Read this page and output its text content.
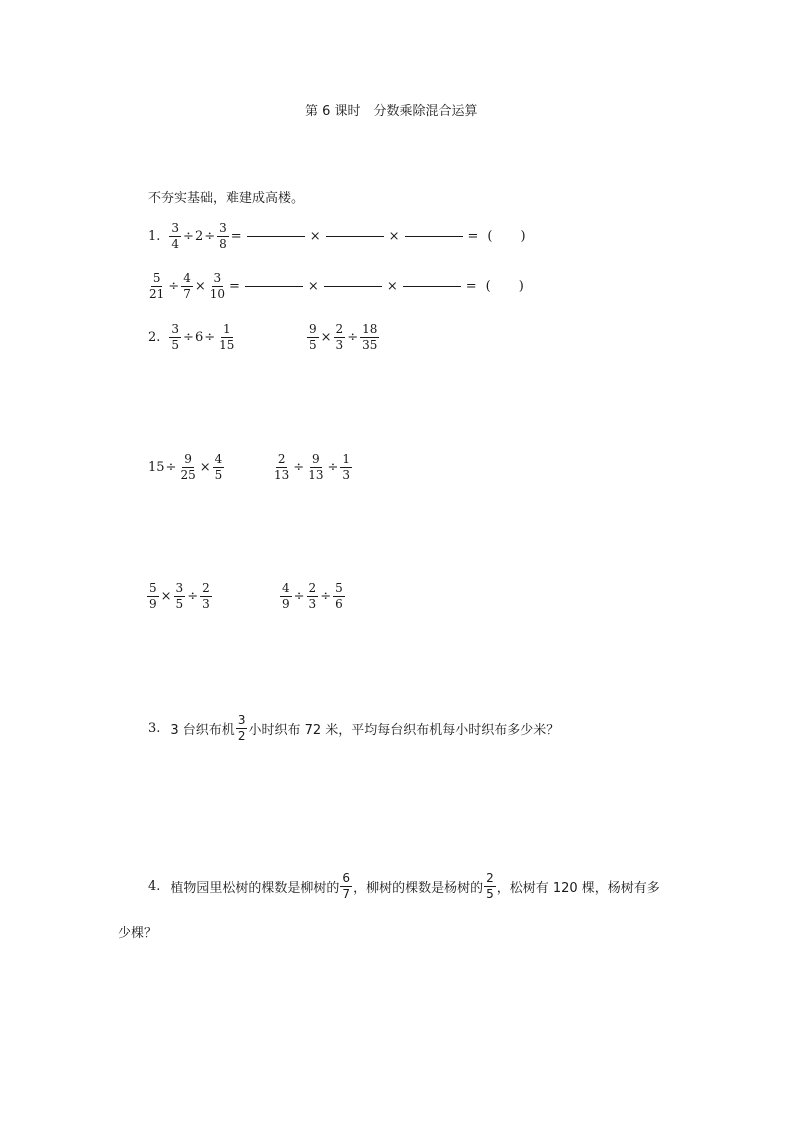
第 6 课时　分数乘除混合运算
不夯实基础，难建成高楼。
1. $\frac{3}{4} \div 2 \div \frac{3}{8}$ =	×	×	= ( )
$\frac{5}{21} \div \frac{4}{7} \times \frac{3}{10}$ =	×	×	= ( )
2. $\frac{3}{5} \div 6 \div \frac{1}{15}$	$\frac{9}{5} \times \frac{2}{3} \div \frac{18}{35}$
$15 \div \frac{9}{25} \times \frac{4}{5}$	$\frac{2}{13} \div \frac{9}{13} \div \frac{1}{3}$
$\frac{5}{9} \times \frac{3}{5} \div \frac{2}{3}$	$\frac{4}{9} \div \frac{2}{3} \div \frac{5}{6}$
3. 3 台织布机 $\frac{3}{2}$ 小时织布 72 米，平均每台织布机每小时织布多少米？
4. 植物园里松树的棵数是柳树的 $\frac{6}{7}$ ，柳树的棵数是杨树的 $\frac{2}{5}$ ，松树有 120 棵，杨树有多
少棵？
